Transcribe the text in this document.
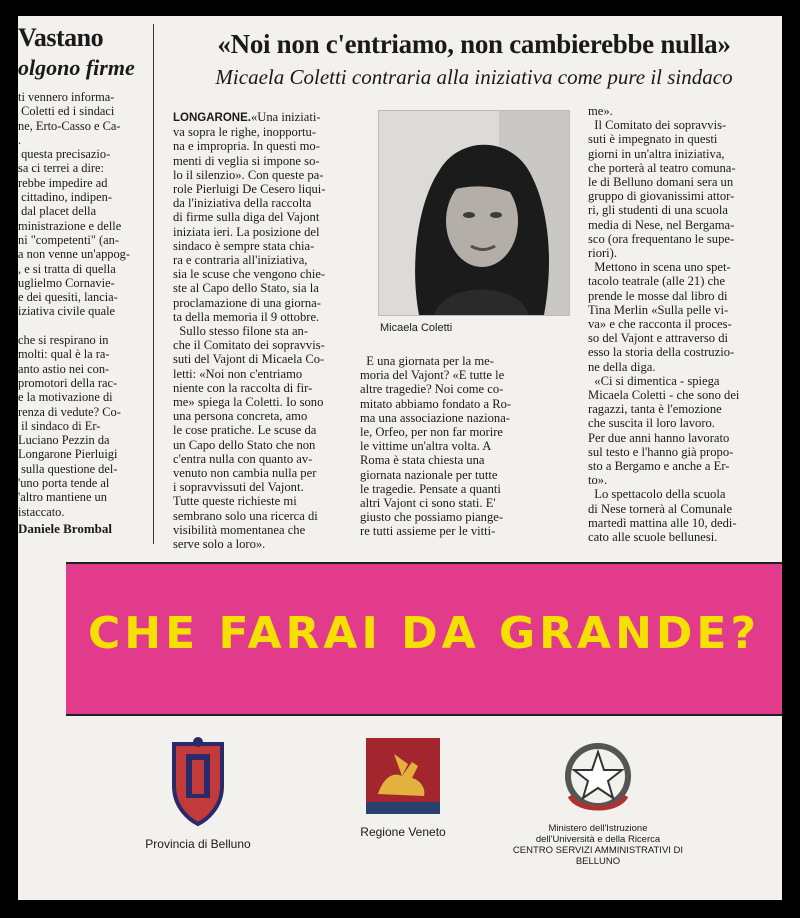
Vastano
olgono firme

ti vennero informa-
Coletti ed i sindaci
ne, Erto-Casso e Ca-
.
questa precisazio-
sa ci terrei a dire:
rebbe impedire ad
cittadino, indipen-
dal placet della
ministrazione e delle
ni "competenti" (an-
a non venne un'appog-
, e si tratta di quella
uglielmo Cornavie-
e dei quesiti, lancia-
iziativa civile quale

che si respirano in
molti: qual è la ra-
anto astio nei con-
promotori della rac-
e la motivazione di
renza di vedute? Co-
il sindaco di Er-
Luciano Pezzin da
Longarone Pierluigi
sulla questione del-
'uno porta tende al
'altro mantiene un
istaccato.

Daniele Brombal
«Noi non c'entriamo, non cambierebbe nulla»
Micaela Coletti contraria alla iniziativa come pure il sindaco

LONGARONE.«Una iniziati-
va sopra le righe, inopportu-
na e impropria. In questi mo-
menti di veglia si impone so-
lo il silenzio». Con queste pa-
role Pierluigi De Cesero liqui-
da l'iniziativa della raccolta
di firme sulla diga del Vajont
iniziata ieri. La posizione del
sindaco è sempre stata chia-
ra e contraria all'iniziativa,
sia le scuse che vengono chie-
ste al Capo dello Stato, sia la
proclamazione di una giorna-
ta della memoria il 9 ottobre.
Sullo stesso filone sta an-
che il Comitato dei sopravvis-
suti del Vajont di Micaela Co-
letti: «Noi non c'entriamo
niente con la raccolta di fir-
me» spiega la Coletti. Io sono
una persona concreta, amo
le cose pratiche. Le scuse da
un Capo dello Stato che non
c'entra nulla con quanto av-
venuto non cambia nulla per
i sopravvissuti del Vajont.
Tutte queste richieste mi
sembrano solo una ricerca di
visibilità momentanea che
serve solo a loro».

Micaela Coletti

E una giornata per la me-
moria del Vajont? «E tutte le
altre tragedie? Noi come co-
mitato abbiamo fondato a Ro-
ma una associazione naziona-
le, Orfeo, per non far morire
le vittime un'altra volta. A
Roma è stata chiesta una
giornata nazionale per tutte
le tragedie. Pensate a quanti
altri Vajont ci sono stati. E'
giusto che possiamo piange-
re tutti assieme per le vitti-

me».
Il Comitato dei sopravvis-
suti è impegnato in questi
giorni in un'altra iniziativa,
che porterà al teatro comuna-
le di Belluno domani sera un
gruppo di giovanissimi attor-
ri, gli studenti di una scuola
media di Nese, nel Bergama-
sco (ora frequentano le supe-
riori).
Mettono in scena uno spet-
tacolo teatrale (alle 21) che
prende le mosse dal libro di
Tina Merlin «Sulla pelle vi-
va» e che racconta il proces-
so del Vajont e attraverso di
esso la storia della costruzio-
ne della diga.
«Ci si dimentica - spiega
Micaela Coletti - che sono dei
ragazzi, tanta è l'emozione
che suscita il loro lavoro.
Per due anni hanno lavorato
sul testo e l'hanno già propo-
sto a Bergamo e anche a Er-
to».
Lo spettacolo della scuola
di Nese tornerà al Comunale
martedì mattina alle 10, dedi-
cato alle scuole bellunesi.

CHE FARAI DA GRANDE?
Provincia di Belluno
Regione Veneto	Ministero dell'Istruzione
dell'Università e della Ricerca
CENTRO SERVIZI AMMINISTRATIVI DI BELLUNO
